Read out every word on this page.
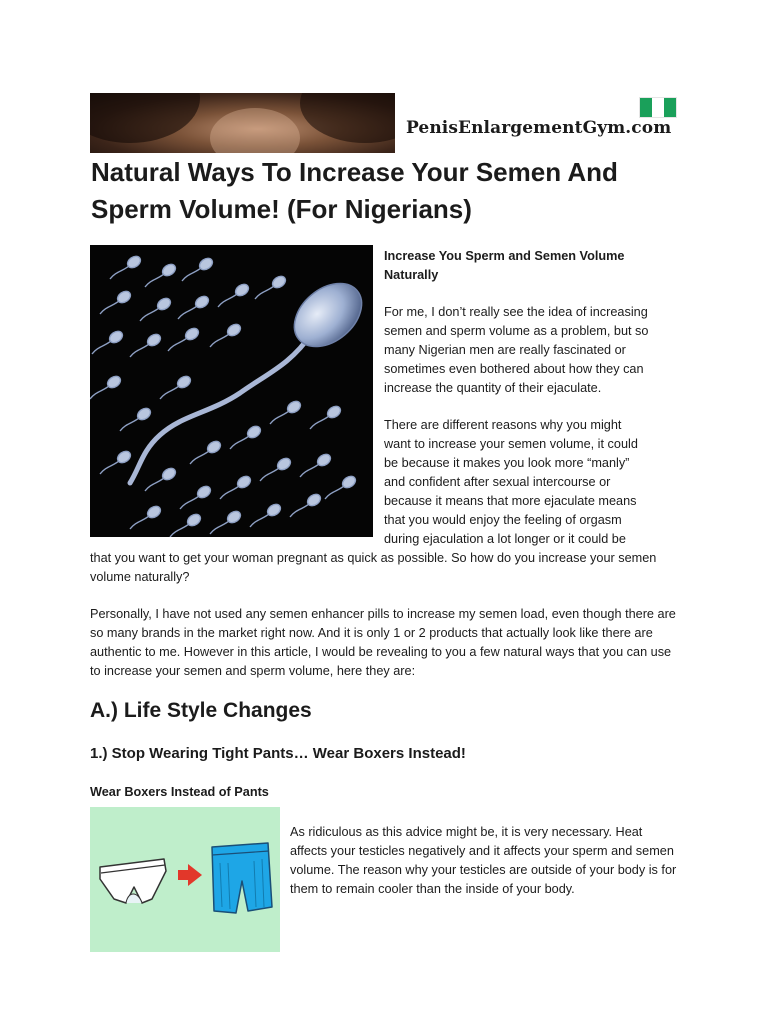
PenisEnlargementGym.com
Natural Ways To Increase Your Semen And Sperm Volume! (For Nigerians)

Increase You Sperm and Semen Volume Naturally

For me, I don’t really see the idea of increasing semen and sperm volume as a problem, but so many Nigerian men are really fascinated or sometimes even bothered about how they can increase the quantity of their ejaculate.

There are different reasons why you might
want to increase your semen volume, it could
be because it makes you look more “manly”
and confident after sexual intercourse or
because it means that more ejaculate means
that you would enjoy the feeling of orgasm
during ejaculation a lot longer or it could be

that you want to get your woman pregnant as quick as possible. So how do you increase your semen volume naturally?

Personally, I have not used any semen enhancer pills to increase my semen load, even though there are so many brands in the market right now. And it is only 1 or 2 products that actually look like there are authentic to me. However in this article, I would be revealing to you a few natural ways that you can use to increase your semen and sperm volume, here they are:

A.) Life Style Changes
1.) Stop Wearing Tight Pants… Wear Boxers Instead!
Wear Boxers Instead of Pants

As ridiculous as this advice might be, it is very necessary. Heat affects your testicles negatively and it affects your sperm and semen volume. The reason why your testicles are outside of your body is for them to remain cooler than the inside of your body.
